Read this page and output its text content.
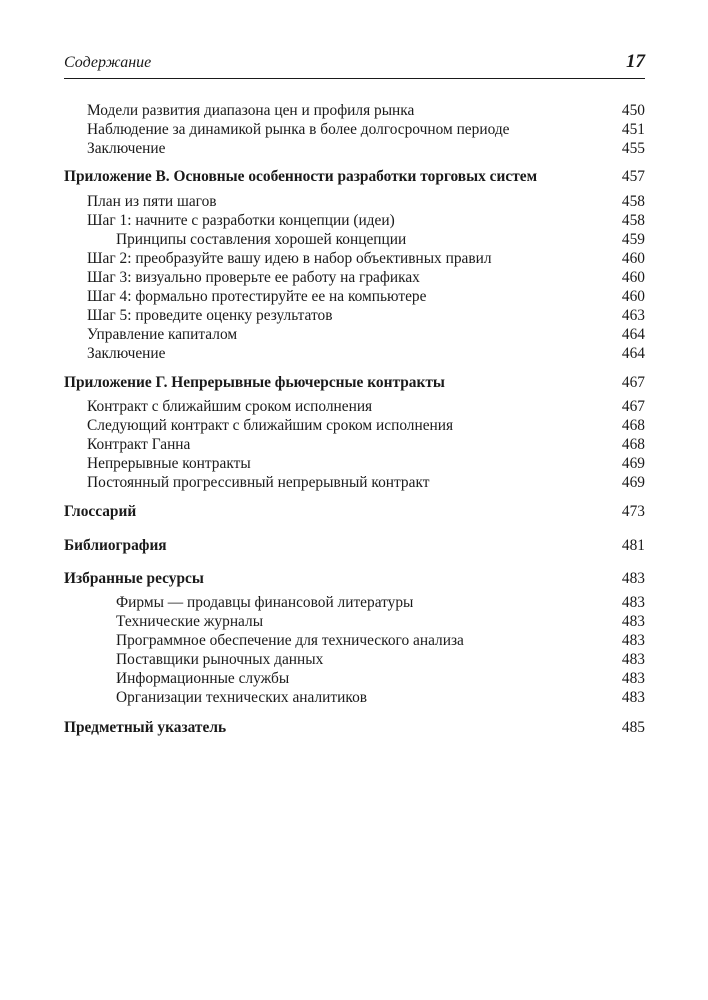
Содержание	17
Модели развития диапазона цен и профиля рынка	450
Наблюдение за динамикой рынка в более долгосрочном периоде	451
Заключение	455
Приложение В. Основные особенности разработки торговых систем	457
План из пяти шагов	458
Шаг 1: начните с разработки концепции (идеи)	458
Принципы составления хорошей концепции	459
Шаг 2: преобразуйте вашу идею в набор объективных правил	460
Шаг 3: визуально проверьте ее работу на графиках	460
Шаг 4: формально протестируйте ее на компьютере	460
Шаг 5: проведите оценку результатов	463
Управление капиталом	464
Заключение	464
Приложение Г. Непрерывные фьючерсные контракты	467
Контракт с ближайшим сроком исполнения	467
Следующий контракт с ближайшим сроком исполнения	468
Контракт Ганна	468
Непрерывные контракты	469
Постоянный прогрессивный непрерывный контракт	469
Глоссарий	473
Библиография	481
Избранные ресурсы	483
Фирмы — продавцы финансовой литературы	483
Технические журналы	483
Программное обеспечение для технического анализа	483
Поставщики рыночных данных	483
Информационные службы	483
Организации технических аналитиков	483
Предметный указатель	485
